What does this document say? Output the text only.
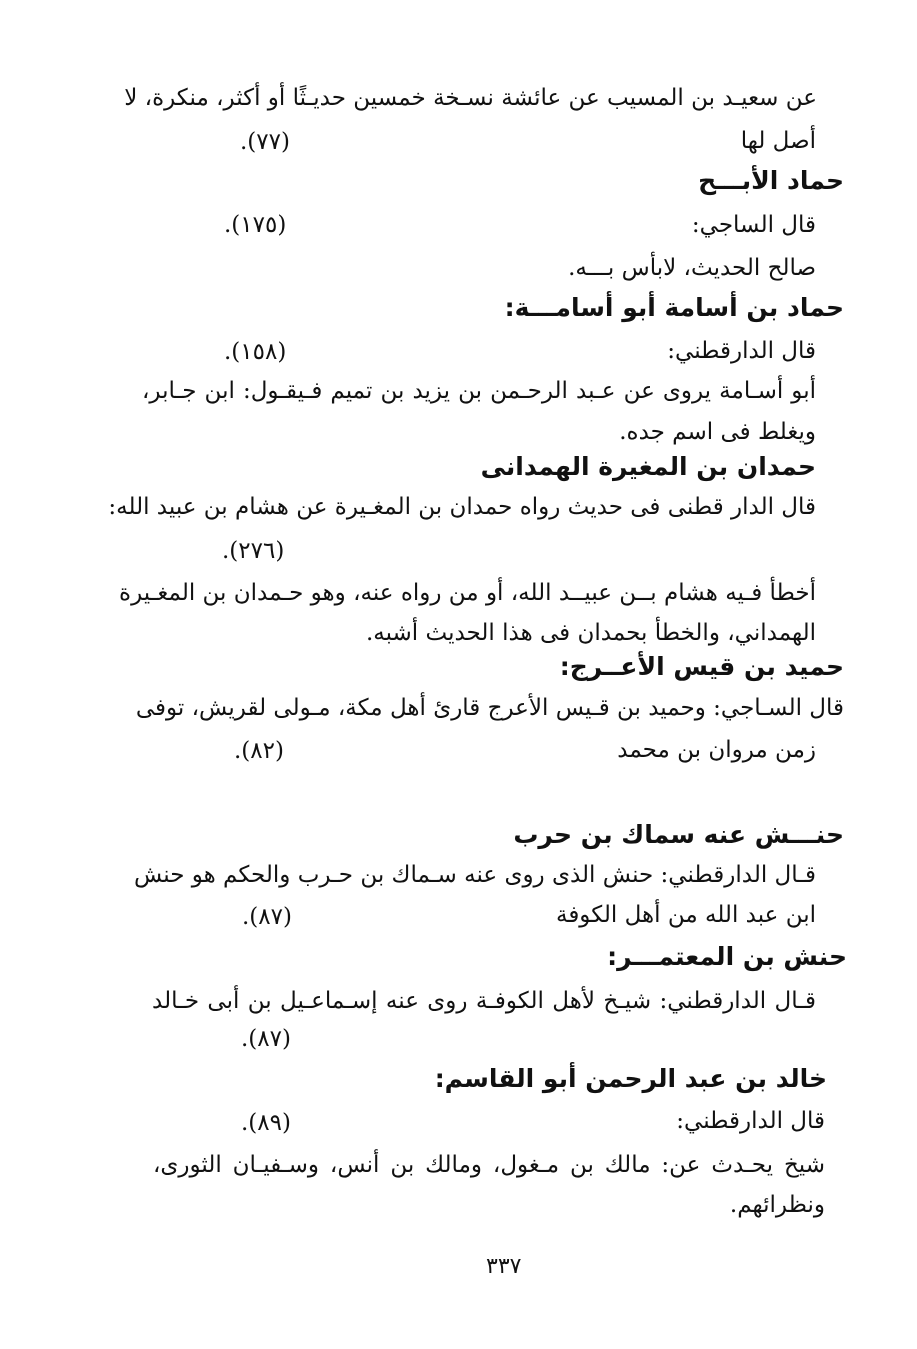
عن سعيـد بن المسيب عن عائشة نسـخة خمسين حديـثًا أو أكثر، منكرة، لا
أصل لها
(٧٧).
حماد الأبـــح
قال الساجي:
(١٧٥).
صالح الحديث، لابأس بـــه.
حماد بن أسامة أبو أسامـــة:
قال الدارقطني:
(١٥٨).
أبو أسـامة يروى عن عـبد الرحـمن بن يزيد بن تميم فـيقـول: ابن جـابر،
ويغلط فى اسم جده.
حمدان بن المغيرة الهمدانى
قال الدار قطنى فى حديث رواه حمدان بن المغـيرة عن هشام بن عبيد الله:
(٢٧٦).
أخطأ فـيه هشام بــن عبيــد الله، أو من رواه عنه، وهو حـمدان بن المغـيرة
الهمداني، والخطأ بحمدان فى هذا الحديث أشبه.
حميد بن قيس الأعــرج:
قال السـاجي: وحميد بن قـيس الأعرج قارئ أهل مكة، مـولى لقريش، توفى
زمن مروان بن محمد
(٨٢).
حنـــش عنه سماك بن حرب
قـال الدارقطني: حنش الذى روى عنه سـماك بن حـرب والحكم هو حنش
ابن عبد الله من أهل الكوفة
(٨٧).
حنش بن المعتمـــر:
قـال الدارقطني: شيـخ لأهل الكوفـة روى عنه إسـماعـيل بن أبى خـالد
(٨٧).
خالد بن عبد الرحمن أبو القاسم:
قال الدارقطني:
(٨٩).
شيخ يحـدث عن: مالك بن مـغول، ومالك بن أنس، وسـفيـان الثورى،
ونظرائهم.
٣٣٧
